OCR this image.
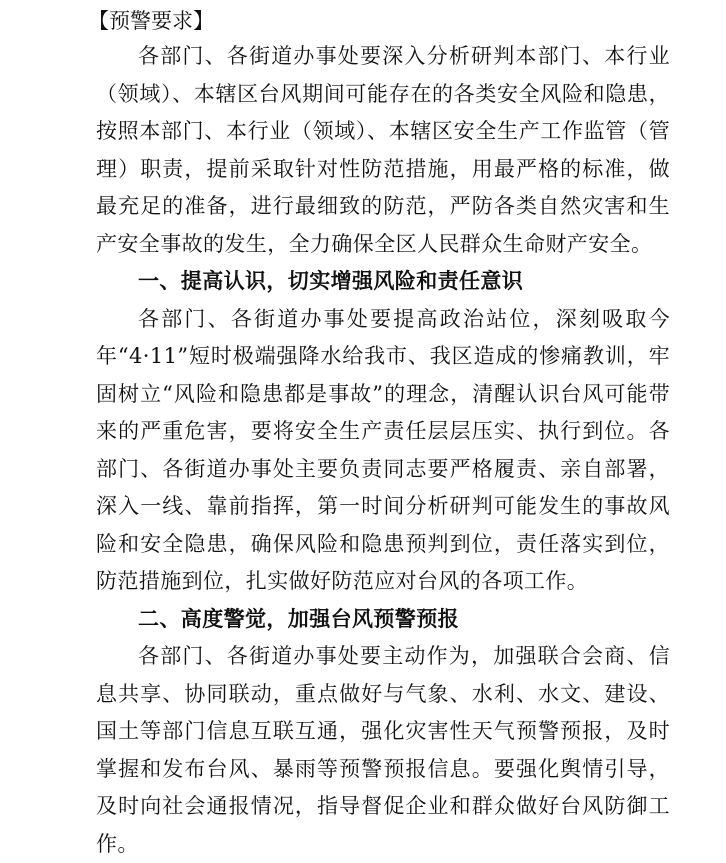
【预警要求】

各部门、各街道办事处要深入分析研判本部门、本行业（领域）、本辖区台风期间可能存在的各类安全风险和隐患，按照本部门、本行业（领域）、本辖区安全生产工作监管（管理）职责，提前采取针对性防范措施，用最严格的标准，做最充足的准备，进行最细致的防范，严防各类自然灾害和生产安全事故的发生，全力确保全区人民群众生命财产安全。

一、提高认识，切实增强风险和责任意识

各部门、各街道办事处要提高政治站位，深刻吸取今年“4·11”短时极端强降水给我市、我区造成的惨痛教训，牢固树立“风险和隐患都是事故”的理念，清醒认识台风可能带来的严重危害，要将安全生产责任层层压实、执行到位。各部门、各街道办事处主要负责同志要严格履责、亲自部署，深入一线、靠前指挥，第一时间分析研判可能发生的事故风险和安全隐患，确保风险和隐患预判到位，责任落实到位，防范措施到位，扎实做好防范应对台风的各项工作。

二、高度警觉，加强台风预警预报

各部门、各街道办事处要主动作为，加强联合会商、信息共享、协同联动，重点做好与气象、水利、水文、建设、国土等部门信息互联互通，强化灾害性天气预警预报，及时掌握和发布台风、暴雨等预警预报信息。要强化舆情引导，及时向社会通报情况，指导督促企业和群众做好台风防御工作。
